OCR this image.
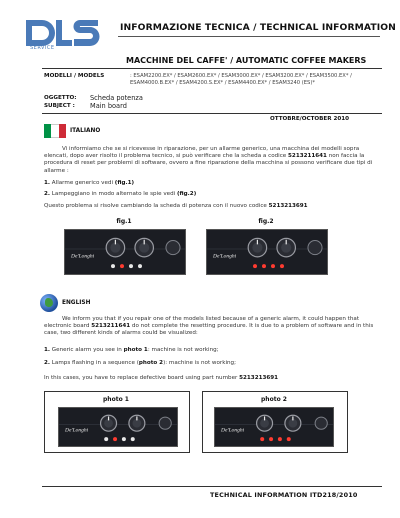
SERVICE
INFORMAZIONE TECNICA / TECHNICAL INFORMATION
MACCHINE DEL CAFFE' / AUTOMATIC COFFEE MAKERS
MODELLI / MODELS	: ESAM2200.EX* / ESAM2600.EX* / ESAM3000.EX* / ESAM3200.EX* / ESAM3500.EX* / ESAM4000.B.EX* / ESAM4200.S.EX* / ESAM4400.EX* / ESAM3240 (ES)*
OGGETTO: Scheda potenza
SUBJECT : Main board
OTTOBRE/OCTOBER 2010
ITALIANO

Vi informiamo che se si ricevesse in riparazione, per un allarme generico, una macchina dei modelli sopra elencati, dopo aver risolto il problema tecnico, si può verificare che la scheda a codice 5213211641 non faccia la procedura di reset per problemi di software, ovvero a fine riparazione della macchina si possono verificare due tipi di allarme :

1. Allarme generico vedi (fig.1)

2. Lampeggiano in modo alternato le spie vedi (fig.2)

Questo problema si risolve cambiando la scheda di potenza con il nuovo codice 5213213691

fig.1	fig.2
De'Longhi	De'Longhi
ENGLISH

We inform you that if you repair one of the models listed because of a generic alarm, it could happen that electronic board 5213211641 do not complete the resetting procedure. It is due to a problem of software and in this case, two different kinds of alarms could be visualized:

1. Generic alarm you see in photo 1: machine is not working;

2. Lamps flashing in a sequence (photo 2): machine is not working;

In this cases, you have to replace defective board using part number 5213213691

photo 1	photo 2
De'Longhi	De'Longhi
TECHNICAL INFORMATION ITD218/2010
